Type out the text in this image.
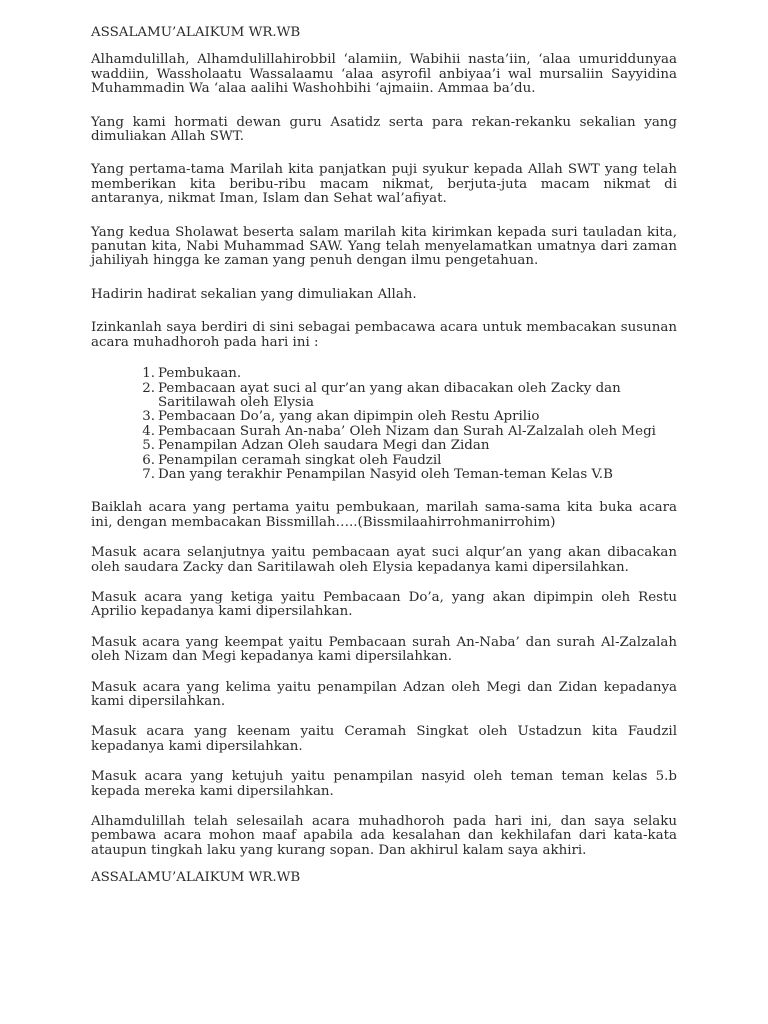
ASSALAMU’ALAIKUM WR.WB

Alhamdulillah, Alhamdulillahirobbil ‘alamiin, Wabihii nasta’iin, ‘alaa umuriddunyaa waddiin, Wassholaatu Wassalaamu ‘alaa asyrofil anbiyaa’i wal mursaliin Sayyidina Muhammadin Wa ‘alaa aalihi Washohbihi ‘ajmaiin. Ammaa ba’du.

Yang kami hormati dewan guru Asatidz serta para rekan-rekanku sekalian yang dimuliakan Allah SWT.

Yang pertama-tama Marilah kita panjatkan puji syukur kepada Allah SWT yang telah memberikan kita beribu-ribu macam nikmat, berjuta-juta macam nikmat di antaranya, nikmat Iman, Islam dan Sehat wal’afiyat.

Yang kedua Sholawat beserta salam marilah kita kirimkan kepada suri tauladan kita, panutan kita, Nabi Muhammad SAW. Yang telah menyelamatkan umatnya dari zaman jahiliyah hingga ke zaman yang penuh dengan ilmu pengetahuan.

Hadirin hadirat sekalian yang dimuliakan Allah.

Izinkanlah saya berdiri di sini sebagai pembacawa acara untuk membacakan susunan acara muhadhoroh pada hari ini :

1. Pembukaan.
2. Pembacaan ayat suci al qur’an yang akan dibacakan oleh Zacky dan Saritilawah oleh Elysia
3. Pembacaan Do’a, yang akan dipimpin oleh Restu Aprilio
4. Pembacaan Surah An-naba’ Oleh Nizam dan Surah Al-Zalzalah oleh Megi
5. Penampilan Adzan Oleh saudara Megi dan Zidan
6. Penampilan ceramah singkat oleh Faudzil
7. Dan yang terakhir Penampilan Nasyid oleh Teman-teman Kelas V.B

Baiklah acara yang pertama yaitu pembukaan, marilah sama-sama kita buka acara ini, dengan membacakan Bissmillah…..(Bissmilaahirrohmanirrohim)

Masuk acara selanjutnya yaitu pembacaan ayat suci alqur’an yang akan dibacakan oleh saudara Zacky dan Saritilawah oleh Elysia kepadanya kami dipersilahkan.

Masuk acara yang ketiga yaitu Pembacaan Do’a, yang akan dipimpin oleh Restu Aprilio kepadanya kami dipersilahkan.

Masuk acara yang keempat yaitu Pembacaan surah An-Naba’ dan surah Al-Zalzalah oleh Nizam dan Megi kepadanya kami dipersilahkan.

Masuk acara yang kelima yaitu penampilan Adzan oleh Megi dan Zidan kepadanya kami dipersilahkan.

Masuk acara yang keenam yaitu Ceramah Singkat oleh Ustadzun kita Faudzil kepadanya kami dipersilahkan.

Masuk acara yang ketujuh yaitu penampilan nasyid oleh teman teman kelas 5.b kepada mereka kami dipersilahkan.

Alhamdulillah telah selesailah acara muhadhoroh pada hari ini, dan saya selaku pembawa acara mohon maaf apabila ada kesalahan dan kekhilafan dari kata-kata ataupun tingkah laku yang kurang sopan. Dan akhirul kalam saya akhiri.

ASSALAMU’ALAIKUM WR.WB
